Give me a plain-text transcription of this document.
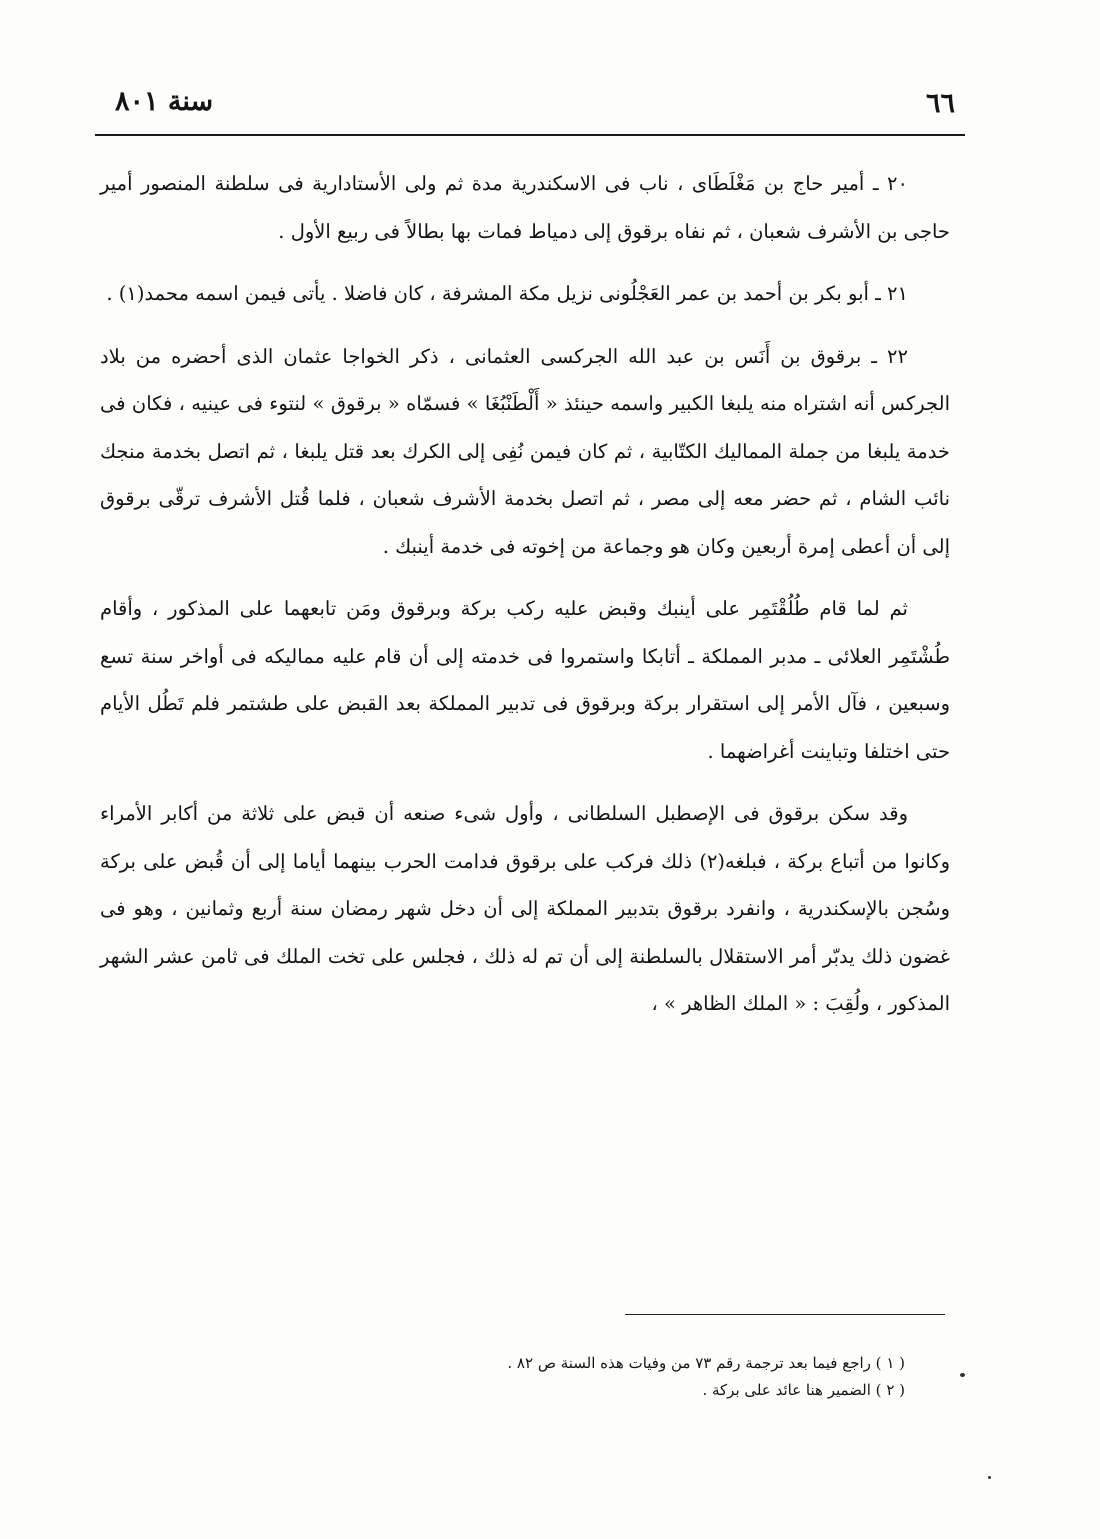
٦٦
سنة ٨٠١

٢٠ ـ أمير حاج بن مَغْلَطَاى ، ناب فى الاسكندرية مدة ثم ولى الأستادارية فى سلطنة المنصور أمير حاجى بن الأشرف شعبان ، ثم نفاه برقوق إلى دمياط فمات بها بطالاً فى ربيع الأول .

٢١ ـ أبو بكر بن أحمد بن عمر العَجْلُونى نزيل مكة المشرفة ، كان فاضلا . يأتى فيمن اسمه محمد(١) .

٢٢ ـ برقوق بن أَنَس بن عبد الله الجركسى العثمانى ، ذكر الخواجا عثمان الذى أحضره من بلاد الجركس أنه اشتراه منه يلبغا الكبير واسمه حينئذ « أَلْطَنْبُغَا » فسمّاه « برقوق » لنتوء فى عينيه ، فكان فى خدمة يلبغا من جملة المماليك الكتّابية ، ثم كان فيمن نُفِى إلى الكرك بعد قتل يلبغا ، ثم اتصل بخدمة منجك نائب الشام ، ثم حضر معه إلى مصر ، ثم اتصل بخدمة الأشرف شعبان ، فلما قُتل الأشرف ترقّى برقوق إلى أن أعطى إمرة أربعين وكان هو وجماعة من إخوته فى خدمة أينبك .

ثم لما قام طُلُقْتَمِر على أينبك وقبض عليه ركب بركة وبرقوق ومَن تابعهما على المذكور ، وأقام طُشْتَمِر العلائى ـ مدبر المملكة ـ أتابكا واستمروا فى خدمته إلى أن قام عليه مماليكه فى أواخر سنة تسع وسبعين ، فآل الأمر إلى استقرار بركة وبرقوق فى تدبير المملكة بعد القبض على طشتمر فلم تَطُل الأيام حتى اختلفا وتباينت أغراضهما .

وقد سكن برقوق فى الإصطبل السلطانى ، وأول شىء صنعه أن قبض على ثلاثة من أكابر الأمراء وكانوا من أتباع بركة ، فبلغه(٢) ذلك فركب على برقوق فدامت الحرب بينهما أياما إلى أن قُبض على بركة وسُجن بالإسكندرية ، وانفرد برقوق بتدبير المملكة إلى أن دخل شهر رمضان سنة أربع وثمانين ، وهو فى غضون ذلك يدبّر أمر الاستقلال بالسلطنة إلى أن تم له ذلك ، فجلس على تخت الملك فى ثامن عشر الشهر المذكور ، ولُقِبَ : « الملك الظاهر » ،

( ١ ) راجع فيما بعد ترجمة رقم ٧٣ من وفيات هذه السنة ص ٨٢ .

( ٢ ) الضمير هنا عائد على بركة .
